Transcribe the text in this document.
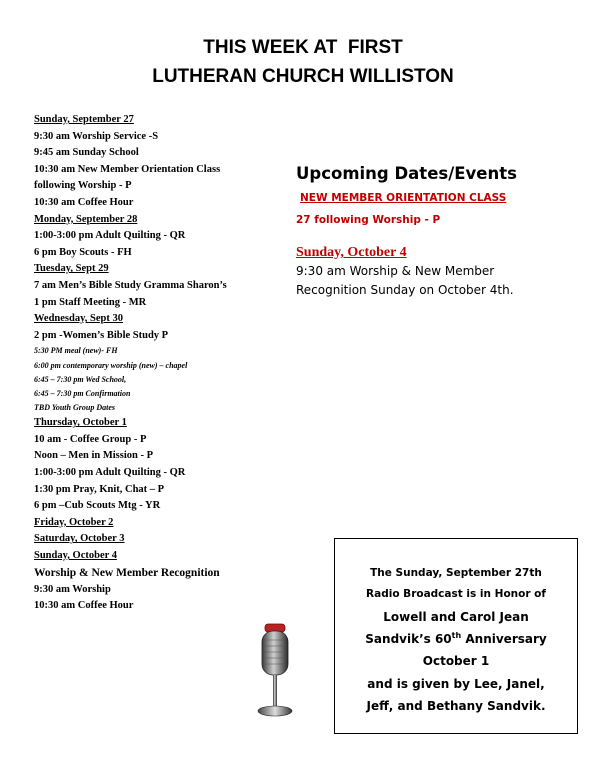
THIS WEEK AT  FIRST
LUTHERAN CHURCH WILLISTON
Sunday, September 27
9:30 am Worship Service -S
9:45 am Sunday School
10:30 am New Member Orientation Class
following Worship - P
10:30 am Coffee Hour
Monday, September 28
1:00-3:00 pm Adult Quilting - QR
6 pm Boy Scouts - FH
Tuesday, Sept 29
7 am Men’s Bible Study Gramma Sharon’s
1 pm Staff Meeting - MR
Wednesday, Sept 30
2 pm -Women’s Bible Study P
5:30 PM meal (new)- FH
6:00 pm contemporary worship (new) – chapel
6:45 – 7:30 pm Wed School,
6:45 – 7:30 pm Confirmation
TBD Youth Group Dates
Thursday, October 1
10 am - Coffee Group - P
Noon – Men in Mission - P
1:00-3:00 pm Adult Quilting - QR
1:30 pm Pray, Knit, Chat – P
6 pm –Cub Scouts Mtg - YR
Friday, October 2
Saturday, October 3
Sunday, October 4
Worship & New Member Recognition
9:30 am Worship
10:30 am Coffee Hour
Upcoming Dates/Events
NEW MEMBER ORIENTATION CLASS
27 following Worship - P
Sunday, October 4
9:30 am Worship & New Member
Recognition Sunday on October 4th.
The Sunday, September 27th
Radio Broadcast is in Honor of
Lowell and Carol Jean
Sandvik’s 60th Anniversary
October 1
and is given by Lee, Janel,
Jeff, and Bethany Sandvik.
